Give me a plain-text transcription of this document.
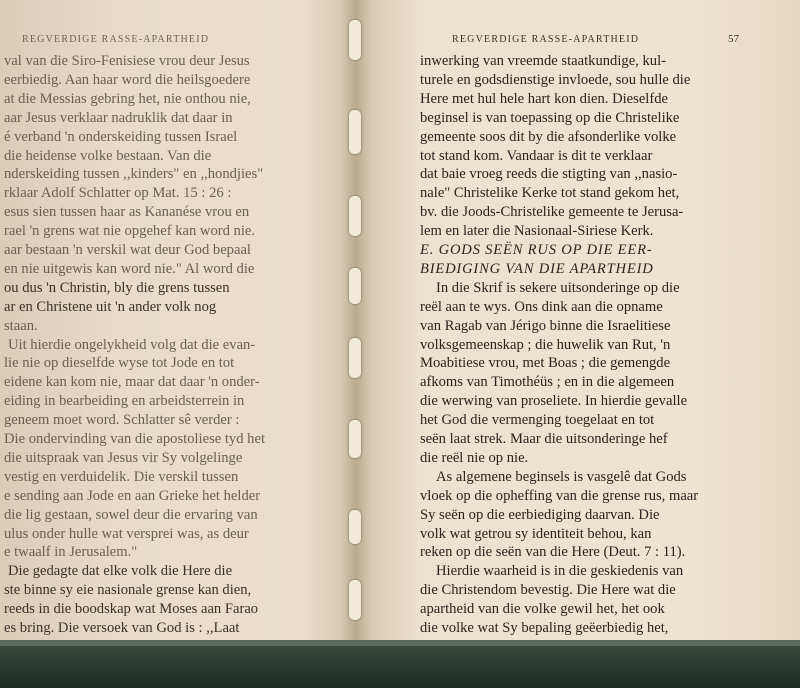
REGVERDIGE RASSE-APARTHEID
val van die Siro-Fenisiese vrou deur Jesus
eerbiedig. Aan haar word die heilsgoedere
at die Messias gebring het, nie onthou nie,
aar Jesus verklaar nadruklik dat daar in
é verband 'n onderskeiding tussen Israel
die heidense volke bestaan. Van die
nderskeiding tussen ,,kinders" en ,,hondjies"
rklaar Adolf Schlatter op Mat. 15 : 26 :
esus sien tussen haar as Kananése vrou en
rael 'n grens wat nie opgehef kan word nie.
aar bestaan 'n verskil wat deur God bepaal
en nie uitgewis kan word nie." Al word die
ou dus 'n Christin, bly die grens tussen
ar en Christene uit 'n ander volk nog
staan.
Uit hierdie ongelykheid volg dat die evan-
lie nie op dieselfde wyse tot Jode en tot
eidene kan kom nie, maar dat daar 'n onder-
eiding in bearbeiding en arbeidsterrein in
geneem moet word. Schlatter sê verder :
Die ondervinding van die apostoliese tyd het
die uitspraak van Jesus vir Sy volgelinge
vestig en verduidelik. Die verskil tussen
e sending aan Jode en aan Grieke het helder
die lig gestaan, sowel deur die ervaring van
ulus onder hulle wat versprei was, as deur
e twaalf in Jerusalem."
Die gedagte dat elke volk die Here die
ste binne sy eie nasionale grense kan dien,
reeds in die boodskap wat Moses aan Farao
es bring. Die versoek van God is : ,,Laat
REGVERDIGE RASSE-APARTHEID	57
inwerking van vreemde staatkundige, kul-
turele en godsdienstige invloede, sou hulle die
Here met hul hele hart kon dien. Dieselfde
beginsel is van toepassing op die Christelike
gemeente soos dit by die afsonderlike volke
tot stand kom. Vandaar is dit te verklaar
dat baie vroeg reeds die stigting van ,,nasio-
nale" Christelike Kerke tot stand gekom het,
bv. die Joods-Christelike gemeente te Jerusa-
lem en later die Nasionaal-Siriese Kerk.
E. GODS SEËN RUS OP DIE EER-
BIEDIGING VAN DIE APARTHEID
In die Skrif is sekere uitsonderinge op die
reël aan te wys. Ons dink aan die opname
van Ragab van Jérigo binne die Israelitiese
volksgemeenskap ; die huwelik van Rut, 'n
Moabitiese vrou, met Boas ; die gemengde
afkoms van Timothéüs ; en in die algemeen
die werwing van proseliete. In hierdie gevalle
het God die vermenging toegelaat en tot
seën laat strek. Maar die uitsonderinge hef
die reël nie op nie.
As algemene beginsels is vasgelê dat Gods
vloek op die opheffing van die grense rus, maar
Sy seën op die eerbiediging daarvan. Die
volk wat getrou sy identiteit behou, kan
reken op die seën van die Here (Deut. 7 : 11).
Hierdie waarheid is in die geskiedenis van
die Christendom bevestig. Die Here wat die
apartheid van die volke gewil het, het ook
die volke wat Sy bepaling geëerbiedig het,
